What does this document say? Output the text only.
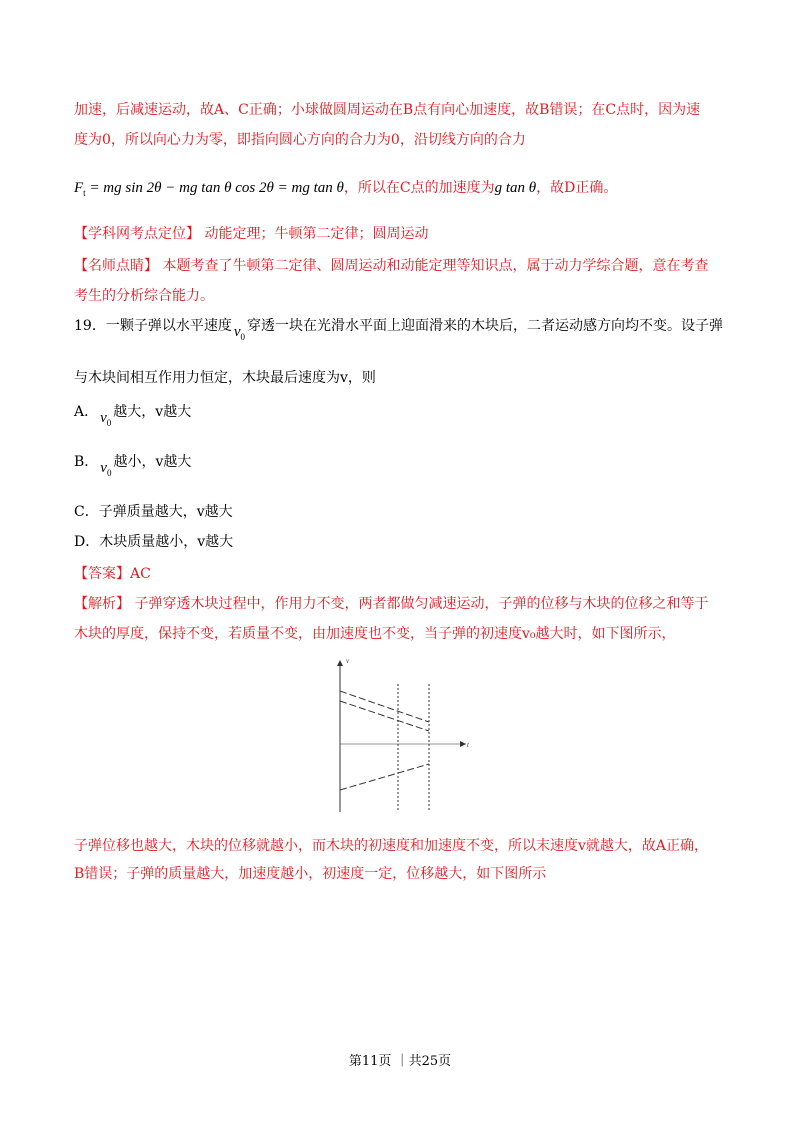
加速，后减速运动，故A、C正确；小球做圆周运动在B点有向心加速度，故B错误；在C点时，因为速
度为0，所以向心力为零，即指向圆心方向的合力为0，沿切线方向的合力
$F_t$ = mg sin 2θ − mg tan θ cos 2θ = mg tan θ，所以在C点的加速度为g tan θ，故D正确。
【学科网考点定位】 动能定理；牛顿第二定律；圆周运动
【名师点睛】 本题考查了牛顿第二定律、圆周运动和动能定理等知识点，属于动力学综合题，意在考查
考生的分析综合能力。
19．一颗子弹以水平速度 $v_0$穿透一块在光滑水平面上迎面滑来的木块后，二者运动感方向均不变。设子弹
与木块间相互作用力恒定，木块最后速度为v，则
A． $v_0$越大，v越大
B． $v_0$越小，v越大
C．子弹质量越大，v越大
D．木块质量越小，v越大
【答案】AC
【解析】 子弹穿透木块过程中，作用力不变，两者都做匀减速运动，子弹的位移与木块的位移之和等于
木块的厚度，保持不变，若质量不变，由加速度也不变，当子弹的初速度v₀越大时，如下图所示，
v
t
子弹位移也越大，木块的位移就越小，而木块的初速度和加速度不变，所以末速度v就越大，故A正确，
B错误；子弹的质量越大，加速度越小，初速度一定，位移越大，如下图所示
第11页 ｜共25页
